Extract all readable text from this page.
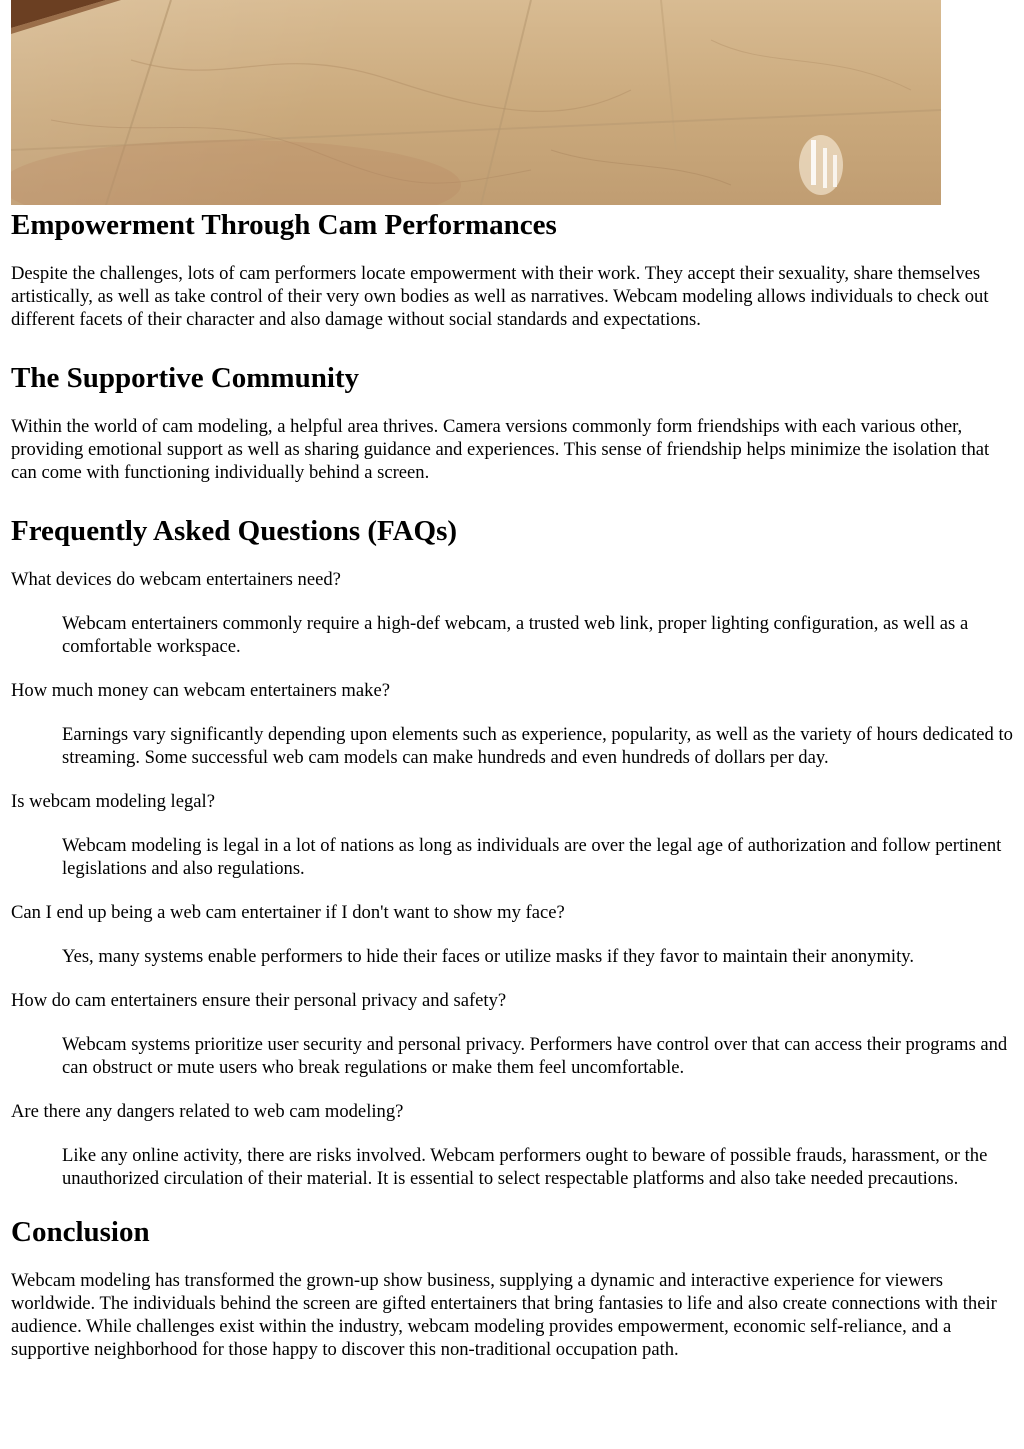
Empowerment Through Cam Performances

Despite the challenges, lots of cam performers locate empowerment with their work. They accept their sexuality, share themselves artistically, as well as take control of their very own bodies as well as narratives. Webcam modeling allows individuals to check out different facets of their character and also damage without social standards and expectations.

The Supportive Community

Within the world of cam modeling, a helpful area thrives. Camera versions commonly form friendships with each various other, providing emotional support as well as sharing guidance and experiences. This sense of friendship helps minimize the isolation that can come with functioning individually behind a screen.

Frequently Asked Questions (FAQs)
What devices do webcam entertainers need?
Webcam entertainers commonly require a high-def webcam, a trusted web link, proper lighting configuration, as well as a comfortable workspace.
How much money can webcam entertainers make?
Earnings vary significantly depending upon elements such as experience, popularity, as well as the variety of hours dedicated to streaming. Some successful web cam models can make hundreds and even hundreds of dollars per day.
Is webcam modeling legal?
Webcam modeling is legal in a lot of nations as long as individuals are over the legal age of authorization and follow pertinent legislations and also regulations.
Can I end up being a web cam entertainer if I don't want to show my face?
Yes, many systems enable performers to hide their faces or utilize masks if they favor to maintain their anonymity.
How do cam entertainers ensure their personal privacy and safety?
Webcam systems prioritize user security and personal privacy. Performers have control over that can access their programs and can obstruct or mute users who break regulations or make them feel uncomfortable.
Are there any dangers related to web cam modeling?
Like any online activity, there are risks involved. Webcam performers ought to beware of possible frauds, harassment, or the unauthorized circulation of their material. It is essential to select respectable platforms and also take needed precautions.
Conclusion

Webcam modeling has transformed the grown-up show business, supplying a dynamic and interactive experience for viewers worldwide. The individuals behind the screen are gifted entertainers that bring fantasies to life and also create connections with their audience. While challenges exist within the industry, webcam modeling provides empowerment, economic self-reliance, and a supportive neighborhood for those happy to discover this non-traditional occupation path.
